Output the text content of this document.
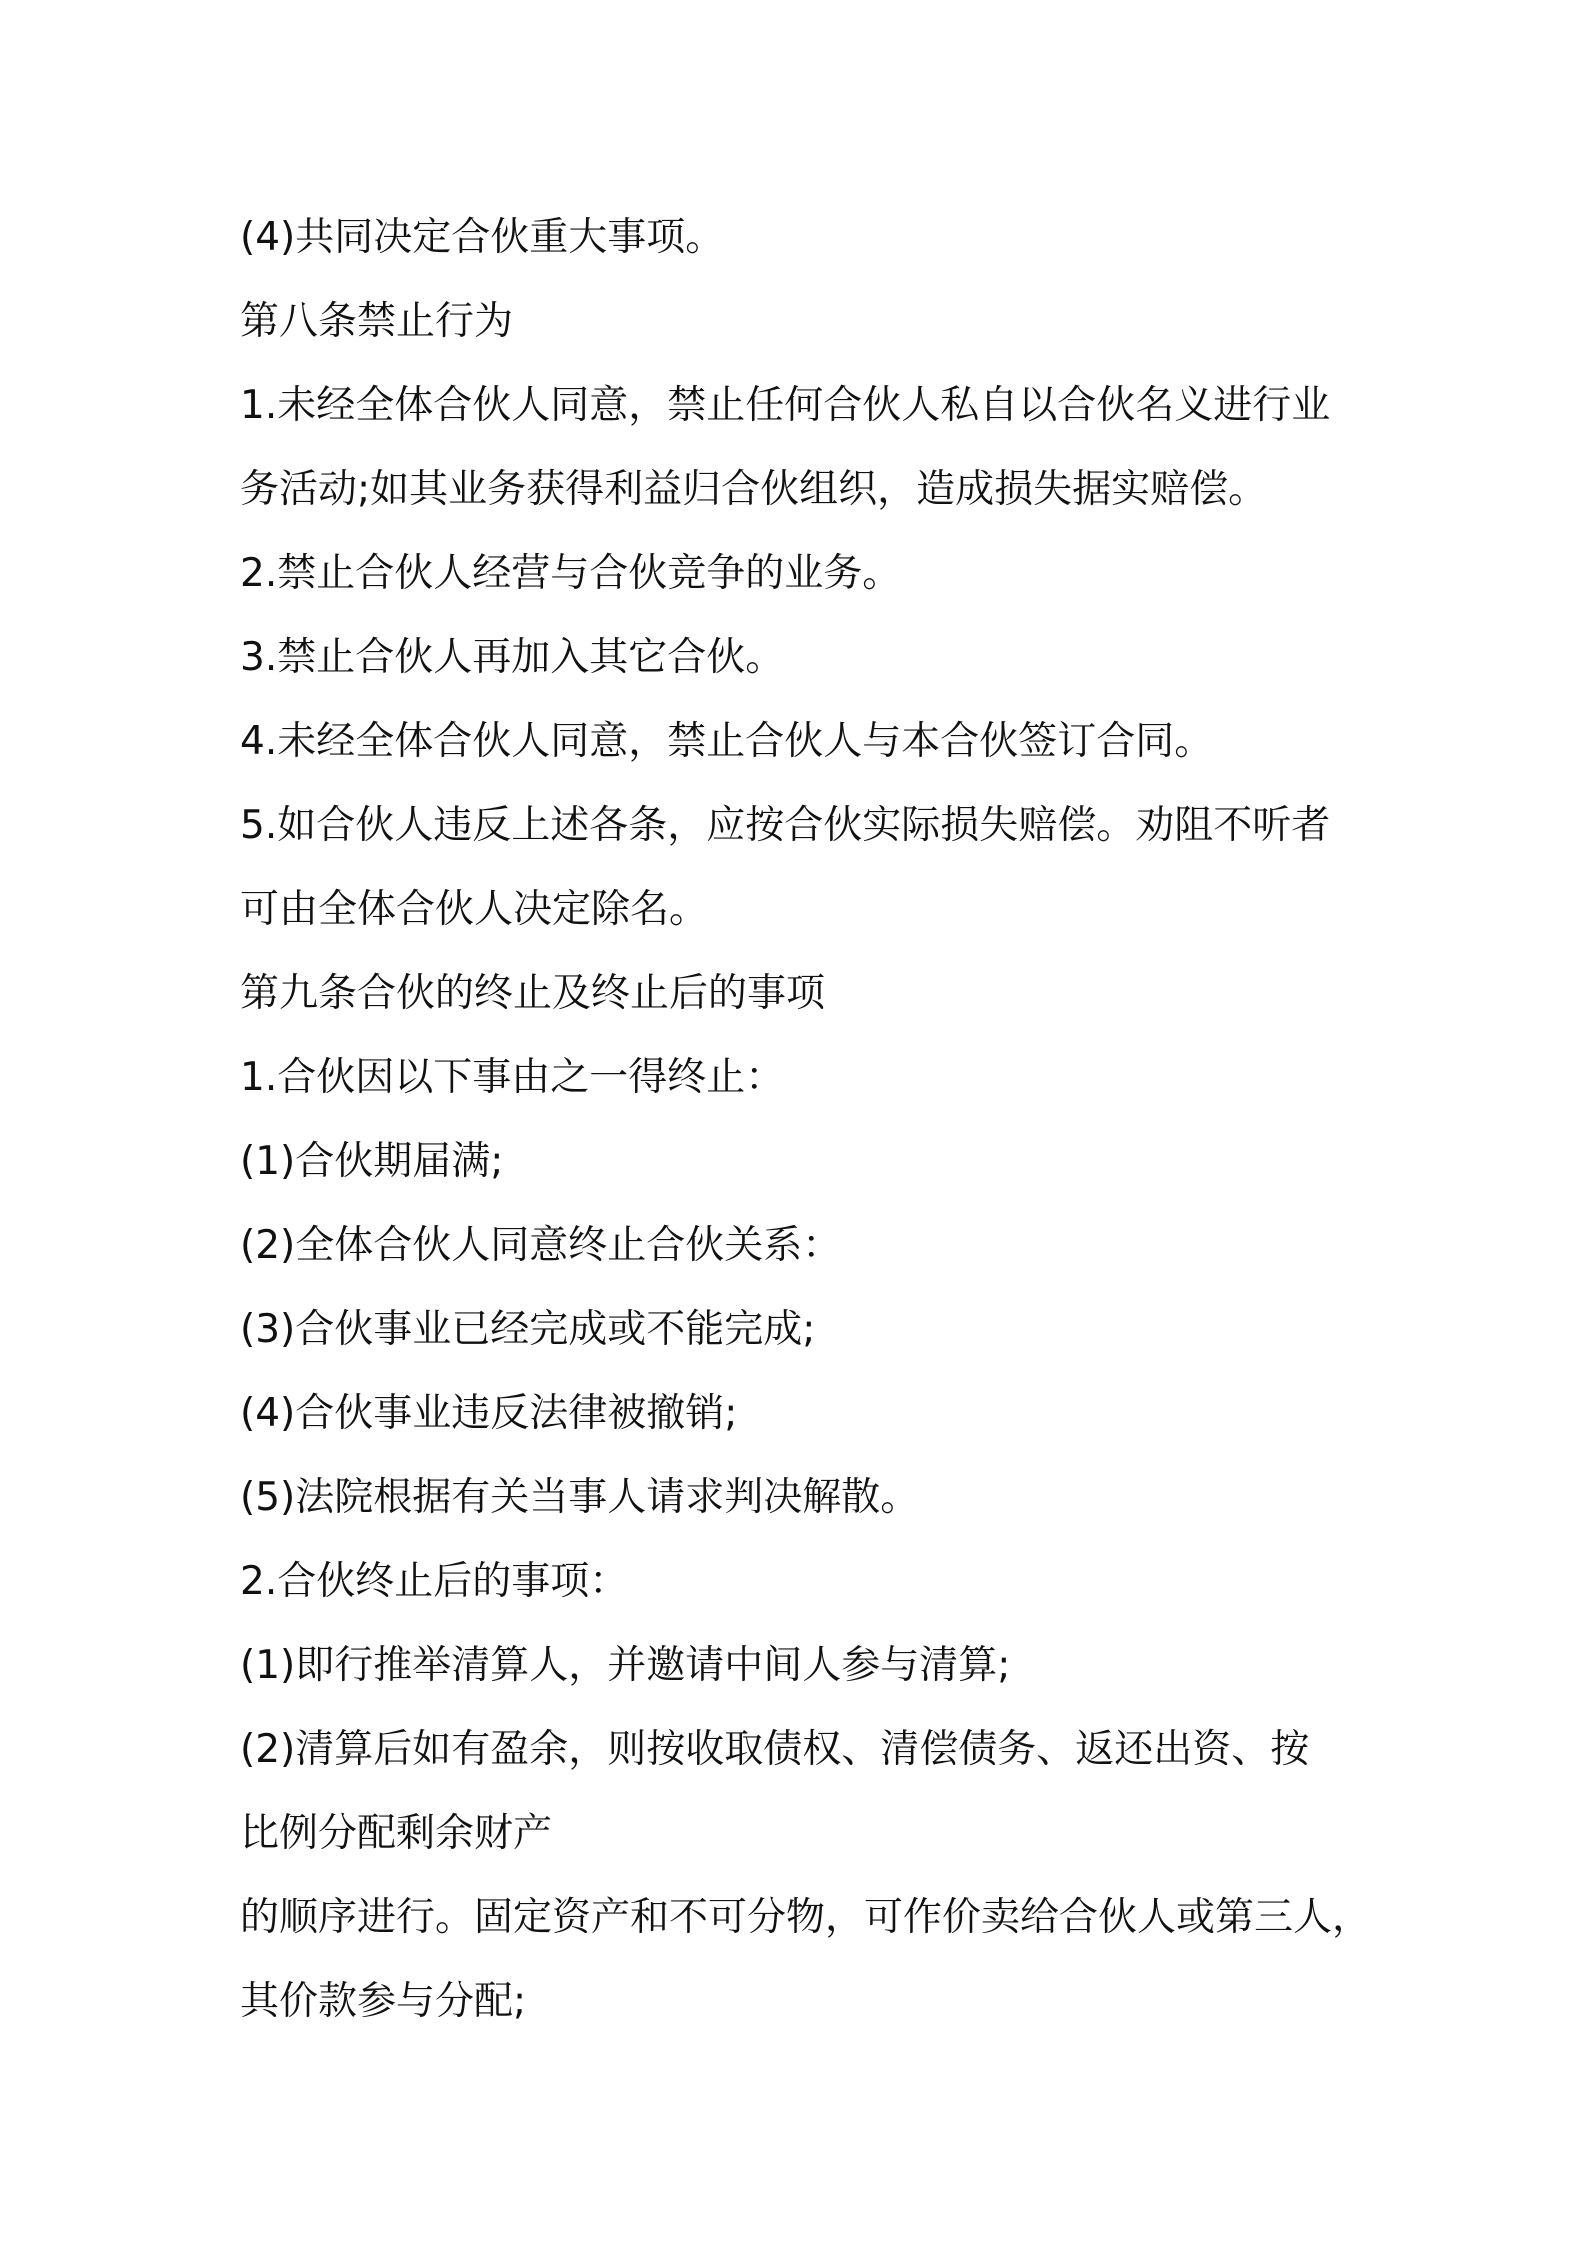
(4)共同决定合伙重大事项。
第八条禁止行为
1.未经全体合伙人同意，禁止任何合伙人私自以合伙名义进行业
务活动;如其业务获得利益归合伙组织，造成损失据实赔偿。
2.禁止合伙人经营与合伙竞争的业务。
3.禁止合伙人再加入其它合伙。
4.未经全体合伙人同意，禁止合伙人与本合伙签订合同。
5.如合伙人违反上述各条，应按合伙实际损失赔偿。劝阻不听者
可由全体合伙人决定除名。
第九条合伙的终止及终止后的事项
1.合伙因以下事由之一得终止：
(1)合伙期届满;
(2)全体合伙人同意终止合伙关系：
(3)合伙事业已经完成或不能完成;
(4)合伙事业违反法律被撤销;
(5)法院根据有关当事人请求判决解散。
2.合伙终止后的事项：
(1)即行推举清算人，并邀请中间人参与清算;
(2)清算后如有盈余，则按收取债权、清偿债务、返还出资、按
比例分配剩余财产
的顺序进行。固定资产和不可分物，可作价卖给合伙人或第三人，
其价款参与分配;
